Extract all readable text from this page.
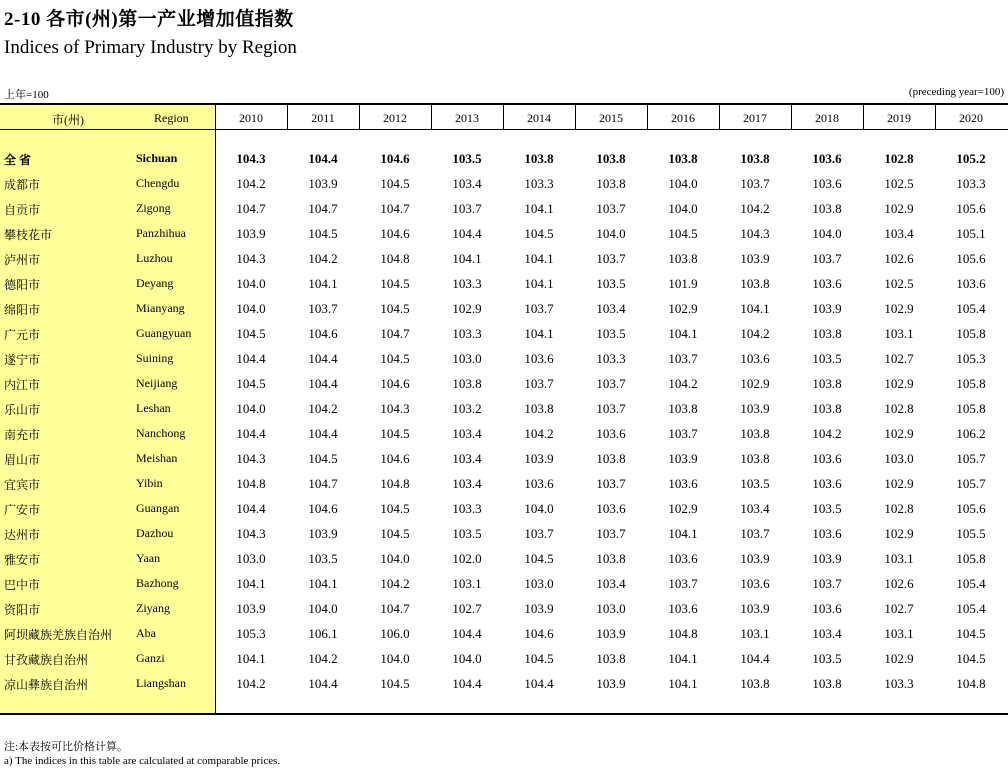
2-10 各市(州)第一产业增加值指数
Indices of Primary Industry by Region
上年=100	(preceding year=100)
市(州)	Region	2010	2011	2012	2013	2014	2015	2016	2017	2018	2019	2020
全 省	Sichuan	104.3	104.4	104.6	103.5	103.8	103.8	103.8	103.8	103.6	102.8	105.2
成都市	Chengdu	104.2	103.9	104.5	103.4	103.3	103.8	104.0	103.7	103.6	102.5	103.3
自贡市	Zigong	104.7	104.7	104.7	103.7	104.1	103.7	104.0	104.2	103.8	102.9	105.6
攀枝花市	Panzhihua	103.9	104.5	104.6	104.4	104.5	104.0	104.5	104.3	104.0	103.4	105.1
泸州市	Luzhou	104.3	104.2	104.8	104.1	104.1	103.7	103.8	103.9	103.7	102.6	105.6
德阳市	Deyang	104.0	104.1	104.5	103.3	104.1	103.5	101.9	103.8	103.6	102.5	103.6
绵阳市	Mianyang	104.0	103.7	104.5	102.9	103.7	103.4	102.9	104.1	103.9	102.9	105.4
广元市	Guangyuan	104.5	104.6	104.7	103.3	104.1	103.5	104.1	104.2	103.8	103.1	105.8
遂宁市	Suining	104.4	104.4	104.5	103.0	103.6	103.3	103.7	103.6	103.5	102.7	105.3
内江市	Neijiang	104.5	104.4	104.6	103.8	103.7	103.7	104.2	102.9	103.8	102.9	105.8
乐山市	Leshan	104.0	104.2	104.3	103.2	103.8	103.7	103.8	103.9	103.8	102.8	105.8
南充市	Nanchong	104.4	104.4	104.5	103.4	104.2	103.6	103.7	103.8	104.2	102.9	106.2
眉山市	Meishan	104.3	104.5	104.6	103.4	103.9	103.8	103.9	103.8	103.6	103.0	105.7
宜宾市	Yibin	104.8	104.7	104.8	103.4	103.6	103.7	103.6	103.5	103.6	102.9	105.7
广安市	Guangan	104.4	104.6	104.5	103.3	104.0	103.6	102.9	103.4	103.5	102.8	105.6
达州市	Dazhou	104.3	103.9	104.5	103.5	103.7	103.7	104.1	103.7	103.6	102.9	105.5
雅安市	Yaan	103.0	103.5	104.0	102.0	104.5	103.8	103.6	103.9	103.9	103.1	105.8
巴中市	Bazhong	104.1	104.1	104.2	103.1	103.0	103.4	103.7	103.6	103.7	102.6	105.4
资阳市	Ziyang	103.9	104.0	104.7	102.7	103.9	103.0	103.6	103.9	103.6	102.7	105.4
阿坝藏族羌族自治州 Aba	105.3	106.1	106.0	104.4	104.6	103.9	104.8	103.1	103.4	103.1	104.5
甘孜藏族自治州	Ganzi	104.1	104.2	104.0	104.0	104.5	103.8	104.1	104.4	103.5	102.9	104.5
凉山彝族自治州	Liangshan	104.2	104.4	104.5	104.4	104.4	103.9	104.1	103.8	103.8	103.3	104.8
注:本表按可比价格计算。
a) The indices in this table are calculated at comparable prices.
